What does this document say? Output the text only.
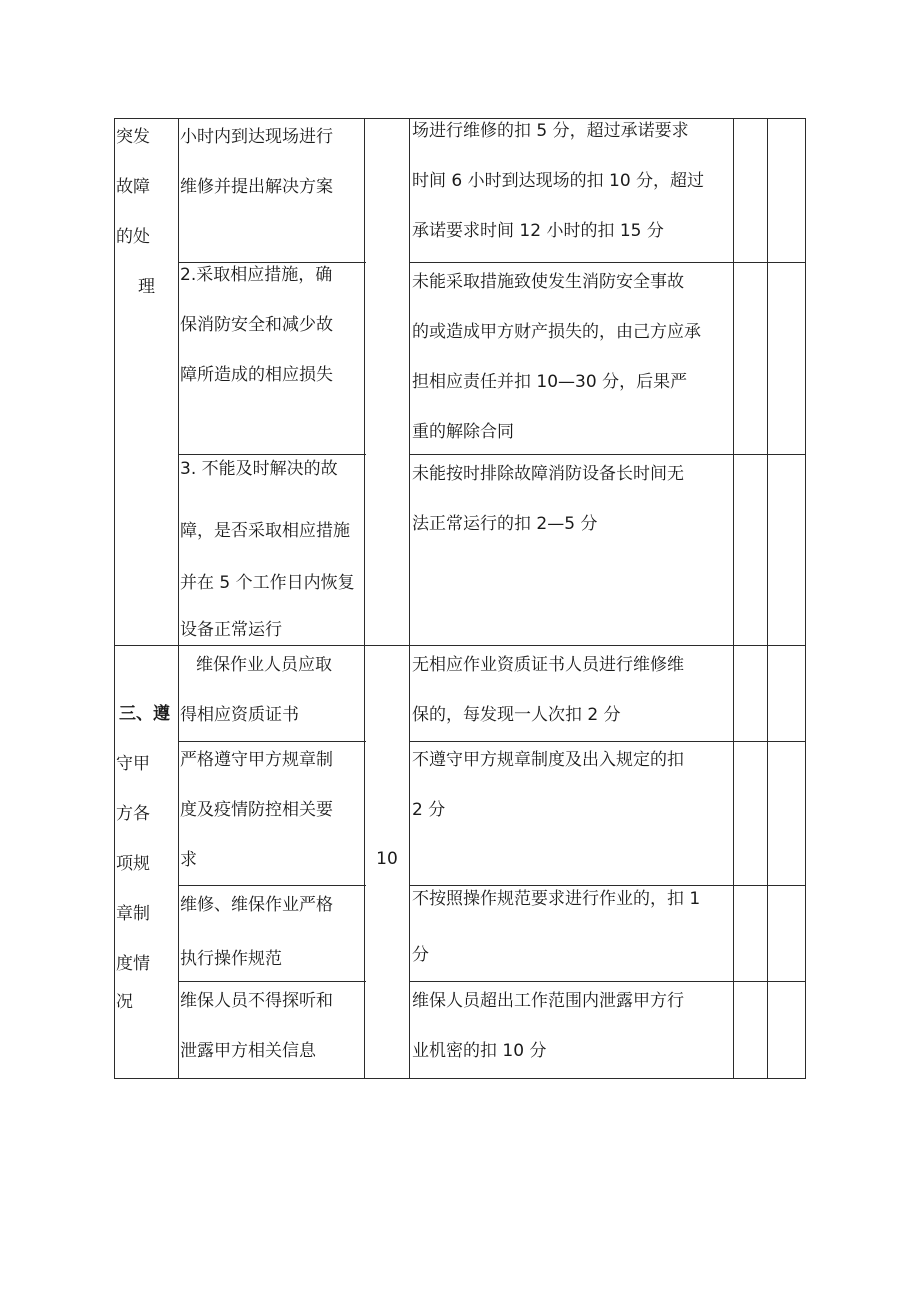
突发
故障
的处
理
三、遵
守甲
方各
项规
章制
度情
况
10
小时内到达现场进行
维修并提出解决方案
场进行维修的扣 5 分，超过承诺要求
时间 6 小时到达现场的扣 10 分，超过
承诺要求时间 12 小时的扣 15 分
2.采取相应措施，确
保消防安全和减少故
障所造成的相应损失
未能采取措施致使发生消防安全事故
的或造成甲方财产损失的，由己方应承
担相应责任并扣 10—30 分，后果严
重的解除合同
3. 不能及时解决的故
障，是否采取相应措施
并在 5 个工作日内恢复
设备正常运行
未能按时排除故障消防设备长时间无
法正常运行的扣 2—5 分
维保作业人员应取
得相应资质证书
无相应作业资质证书人员进行维修维
保的，每发现一人次扣 2 分
严格遵守甲方规章制
度及疫情防控相关要
求
不遵守甲方规章制度及出入规定的扣
2 分
维修、维保作业严格
执行操作规范
不按照操作规范要求进行作业的，扣 1
分
维保人员不得探听和
泄露甲方相关信息
维保人员超出工作范围内泄露甲方行
业机密的扣 10 分
